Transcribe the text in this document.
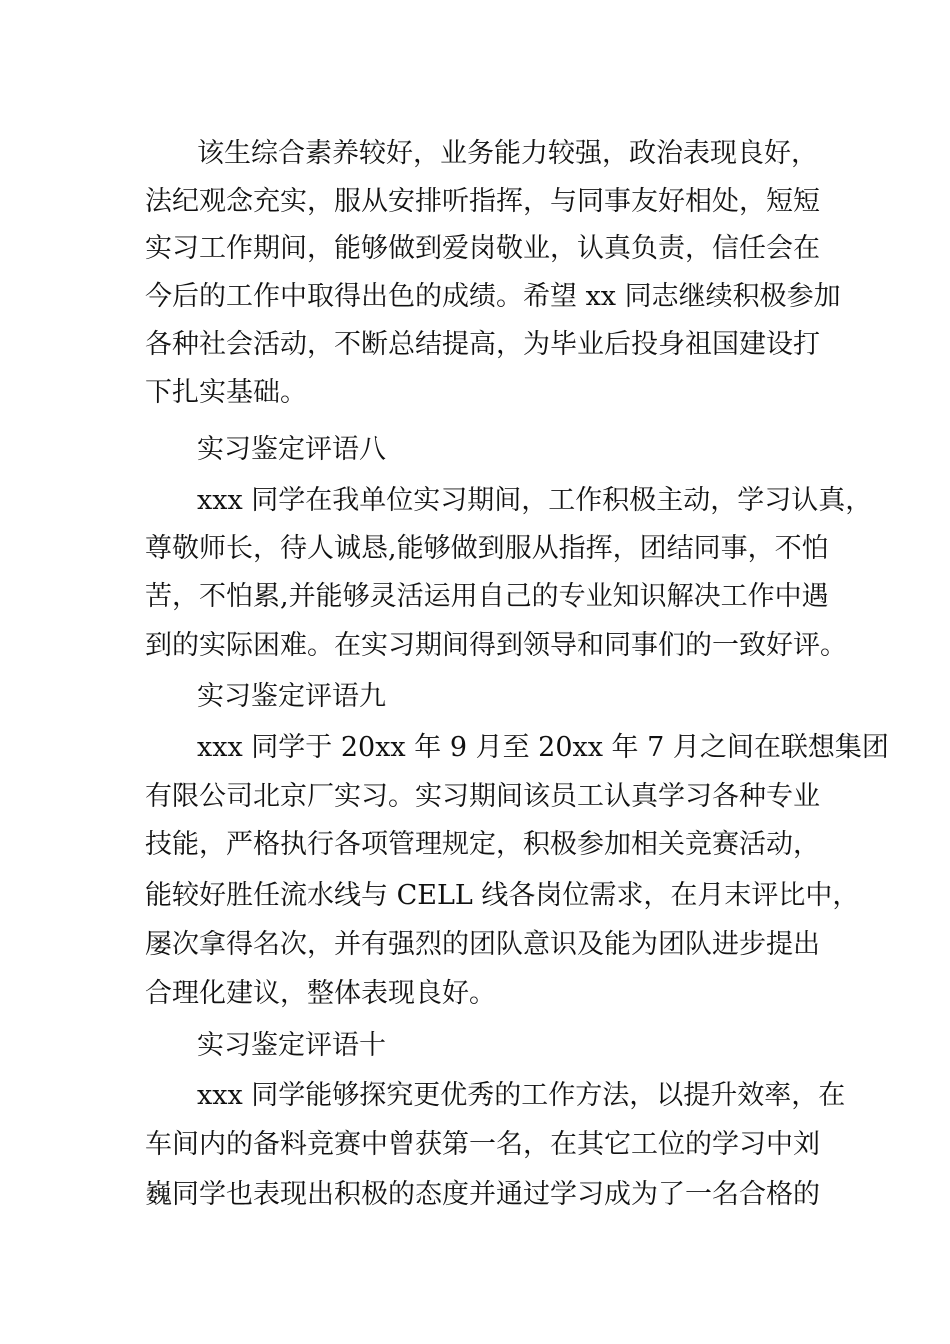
该生综合素养较好，业务能力较强，政治表现良好，

法纪观念充实，服从安排听指挥，与同事友好相处，短短

实习工作期间，能够做到爱岗敬业，认真负责，信任会在

今后的工作中取得出色的成绩。希望 xx 同志继续积极参加

各种社会活动，不断总结提高，为毕业后投身祖国建设打

下扎实基础。

实习鉴定评语八

xxx 同学在我单位实习期间，工作积极主动，学习认真，

尊敬师长，待人诚恳,能够做到服从指挥，团结同事，不怕

苦，不怕累,并能够灵活运用自己的专业知识解决工作中遇

到的实际困难。在实习期间得到领导和同事们的一致好评。

实习鉴定评语九

xxx 同学于 20xx 年 9 月至 20xx 年 7 月之间在联想集团

有限公司北京厂实习。实习期间该员工认真学习各种专业

技能，严格执行各项管理规定，积极参加相关竞赛活动，

能较好胜任流水线与 CELL 线各岗位需求，在月末评比中，

屡次拿得名次，并有强烈的团队意识及能为团队进步提出

合理化建议，整体表现良好。

实习鉴定评语十

xxx 同学能够探究更优秀的工作方法，以提升效率，在

车间内的备料竞赛中曾获第一名，在其它工位的学习中刘

巍同学也表现出积极的态度并通过学习成为了一名合格的
